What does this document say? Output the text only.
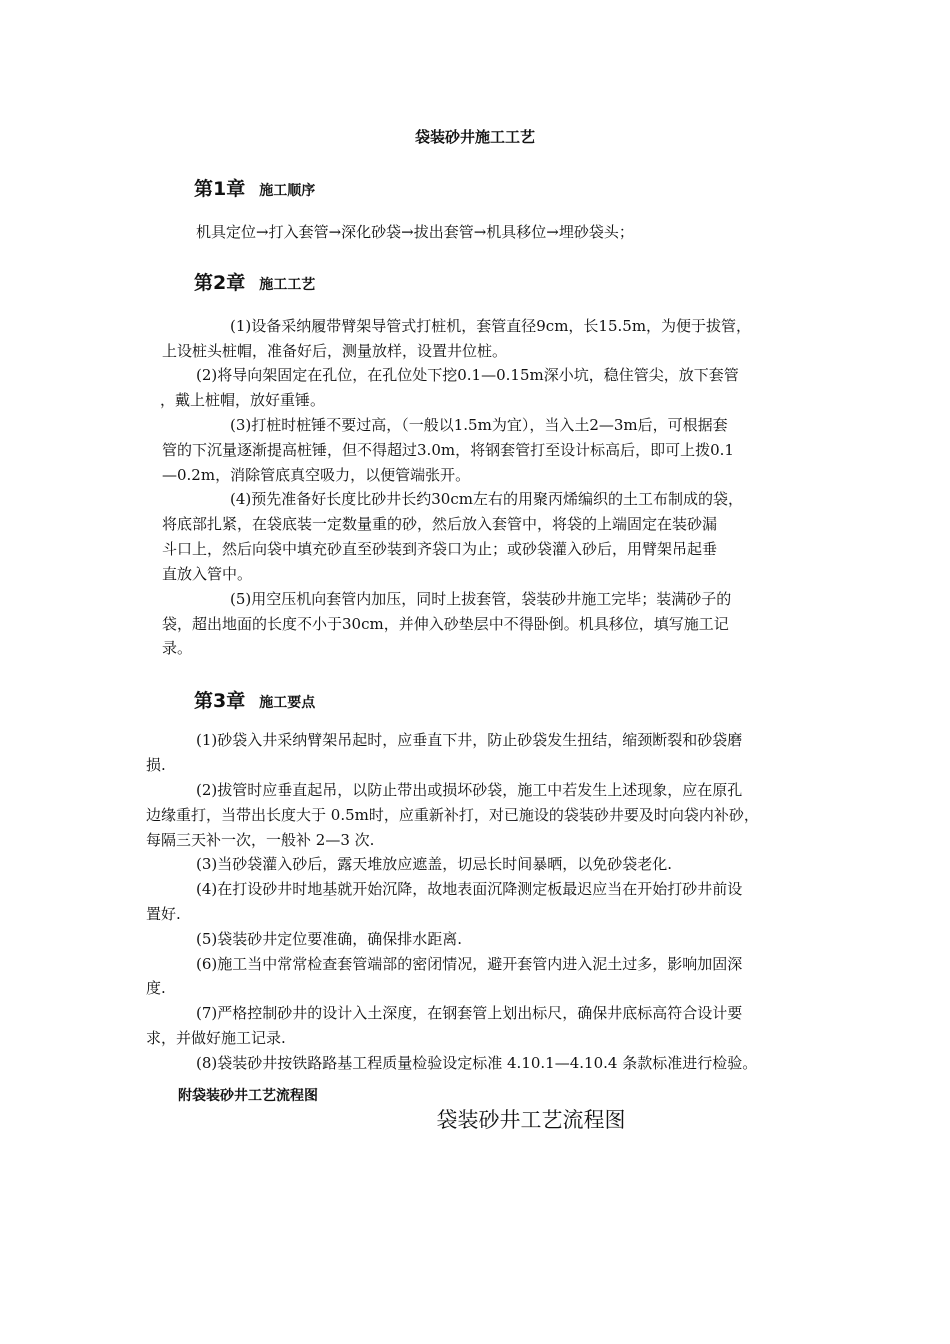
袋装砂井施工工艺
第1章 施工顺序
机具定位→打入套管→深化砂袋→拔出套管→机具移位→埋砂袋头；
第2章 施工工艺
(1)设备采纳履带臂架导管式打桩机，套管直径9cm，长15.5m，为便于拔管，
上设桩头桩帽，准备好后，测量放样，设置井位桩。
(2)将导向架固定在孔位，在孔位处下挖0.1—0.15m深小坑，稳住管尖，放下套管
，戴上桩帽，放好重锤。
(3)打桩时桩锤不要过高，（一般以1.5m为宜），当入土2—3m后，可根据套
管的下沉量逐渐提高桩锤，但不得超过3.0m，将钢套管打至设计标高后，即可上拨0.1
—0.2m，消除管底真空吸力，以便管端张开。
(4)预先准备好长度比砂井长约30cm左右的用聚丙烯编织的土工布制成的袋，
将底部扎紧，在袋底装一定数量重的砂，然后放入套管中，将袋的上端固定在装砂漏
斗口上，然后向袋中填充砂直至砂装到齐袋口为止；或砂袋灌入砂后，用臂架吊起垂
直放入管中。
(5)用空压机向套管内加压，同时上拔套管，袋装砂井施工完毕；装满砂子的
袋，超出地面的长度不小于30cm，并伸入砂垫层中不得卧倒。机具移位，填写施工记
录。
第3章 施工要点
(1)砂袋入井采纳臂架吊起时，应垂直下井，防止砂袋发生扭结，缩颈断裂和砂袋磨
损.
(2)拔管时应垂直起吊，以防止带出或损坏砂袋，施工中若发生上述现象，应在原孔
边缘重打，当带出长度大于 0.5m时，应重新补打，对已施设的袋装砂井要及时向袋内补砂，
每隔三天补一次，一般补 2—3 次.
(3)当砂袋灌入砂后，露天堆放应遮盖，切忌长时间暴晒，以免砂袋老化.
(4)在打设砂井时地基就开始沉降，故地表面沉降测定板最迟应当在开始打砂井前设
置好.
(5)袋装砂井定位要准确，确保排水距离.
(6)施工当中常常检查套管端部的密闭情况，避开套管内进入泥土过多，影响加固深
度.
(7)严格控制砂井的设计入土深度，在钢套管上划出标尺，确保井底标高符合设计要
求，并做好施工记录.
(8)袋装砂井按铁路路基工程质量检验设定标准 4.10.1—4.10.4 条款标准进行检验。
附袋装砂井工艺流程图
袋装砂井工艺流程图
